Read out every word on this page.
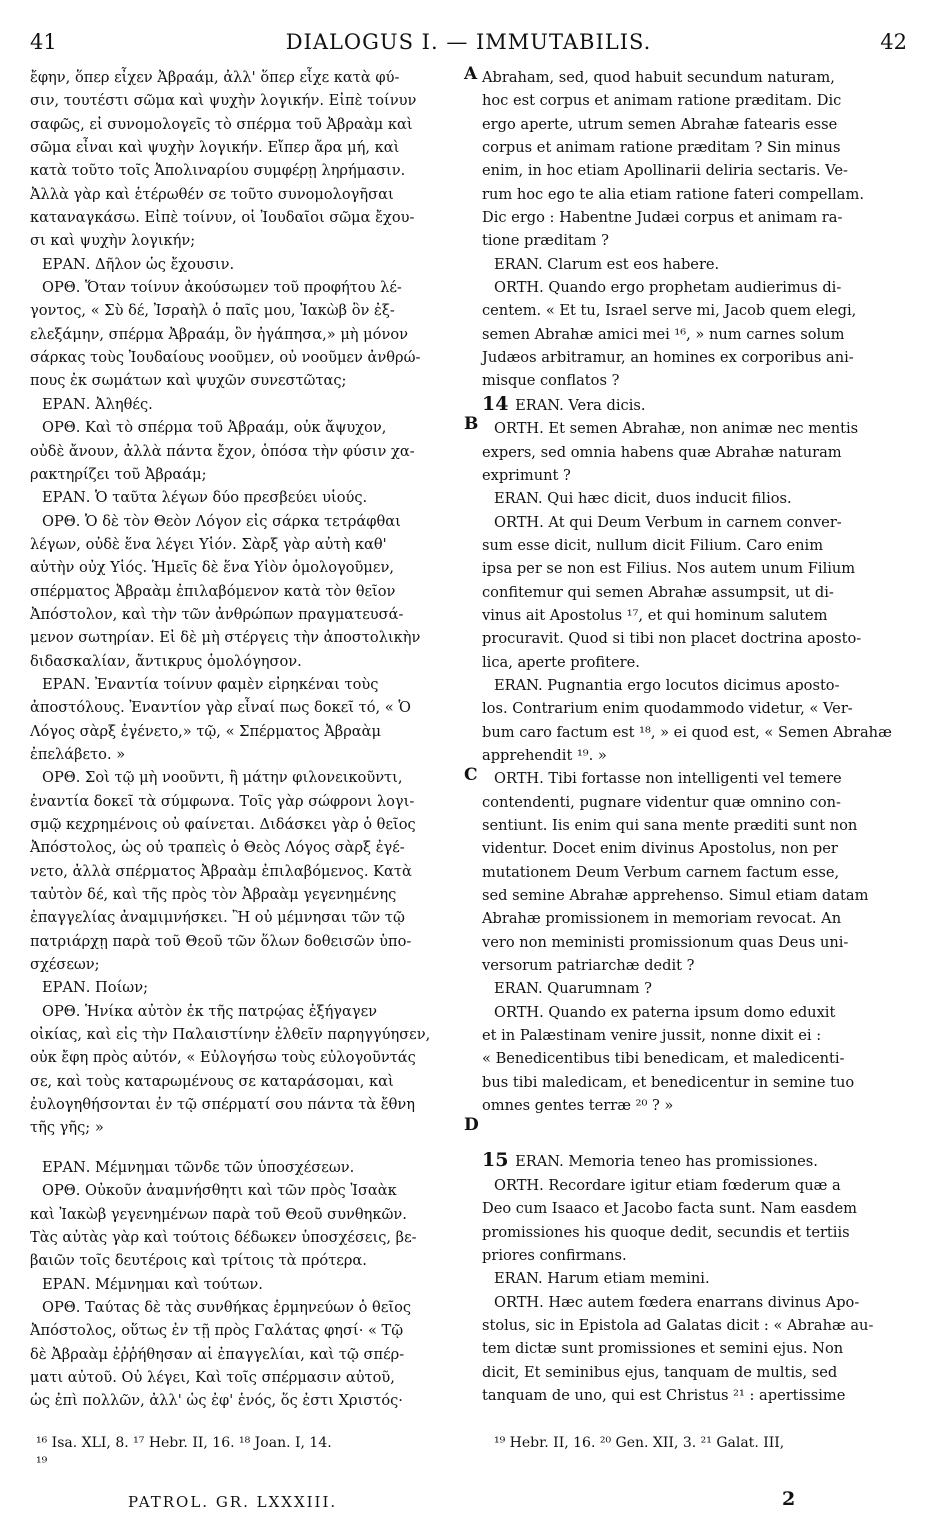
41	DIALOGUS I. — IMMUTABILIS.	42

ἔφην, ὅπερ εἶχεν Ἀβραάμ, ἀλλ' ὅπερ εἶχε κατὰ φύ-

σιν, τουτέστι σῶμα καὶ ψυχὴν λογικήν. Εἰπὲ τοίνυν

σαφῶς, εἰ συνομολογεῖς τὸ σπέρμα τοῦ Ἀβραὰμ καὶ

σῶμα εἶναι καὶ ψυχὴν λογικήν. Εἴπερ ἄρα μή, καὶ

κατὰ τοῦτο τοῖς Ἀπολιναρίου συμφέρῃ ληρήμασιν.

Ἀλλὰ γὰρ καὶ ἑτέρωθέν σε τοῦτο συνομολογῆσαι

καταναγκάσω. Εἰπὲ τοίνυν, οἱ Ἰουδαῖοι σῶμα ἔχου-

σι καὶ ψυχὴν λογικήν;

ΕΡΑΝ. Δῆλον ὡς ἔχουσιν.

ΟΡΘ. Ὅταν τοίνυν ἀκούσωμεν τοῦ προφήτου λέ-

γοντος, « Σὺ δέ, Ἰσραὴλ ὁ παῖς μου, Ἰακὼβ ὃν ἐξ-

ελεξάμην, σπέρμα Ἀβραάμ, ὃν ἠγάπησα,» μὴ μόνον

σάρκας τοὺς Ἰουδαίους νοοῦμεν, οὐ νοοῦμεν ἀνθρώ-

πους ἐκ σωμάτων καὶ ψυχῶν συνεστῶτας;

ΕΡΑΝ. Ἀληθές.

ΟΡΘ. Καὶ τὸ σπέρμα τοῦ Ἀβραάμ, οὐκ ἄψυχον,

οὐδὲ ἄνουν, ἀλλὰ πάντα ἔχον, ὁπόσα τὴν φύσιν χα-

ρακτηρίζει τοῦ Ἀβραάμ;

ΕΡΑΝ. Ὁ ταῦτα λέγων δύο πρεσβεύει υἱούς.

ΟΡΘ. Ὁ δὲ τὸν Θεὸν Λόγον εἰς σάρκα τετράφθαι

λέγων, οὐδὲ ἕνα λέγει Υἱόν. Σὰρξ γὰρ αὐτὴ καθ'

αὑτὴν οὐχ Υἱός. Ἡμεῖς δὲ ἕνα Υἱὸν ὁμολογοῦμεν,

σπέρματος Ἀβραὰμ ἐπιλαβόμενον κατὰ τὸν θεῖον

Ἀπόστολον, καὶ τὴν τῶν ἀνθρώπων πραγματευσά-

μενον σωτηρίαν. Εἰ δὲ μὴ στέργεις τὴν ἀποστολικὴν

διδασκαλίαν, ἄντικρυς ὁμολόγησον.

ΕΡΑΝ. Ἐναντία τοίνυν φαμὲν εἰρηκέναι τοὺς

ἀποστόλους. Ἐναντίον γὰρ εἶναί πως δοκεῖ τό, « Ὁ

Λόγος σὰρξ ἐγένετο,» τῷ, « Σπέρματος Ἀβραὰμ

ἐπελάβετο. »

ΟΡΘ. Σοὶ τῷ μὴ νοοῦντι, ἢ μάτην φιλονεικοῦντι,

ἐναντία δοκεῖ τὰ σύμφωνα. Τοῖς γὰρ σώφρονι λογι-

σμῷ κεχρημένοις οὐ φαίνεται. Διδάσκει γὰρ ὁ θεῖος

Ἀπόστολος, ὡς οὐ τραπεὶς ὁ Θεὸς Λόγος σὰρξ ἐγέ-

νετο, ἀλλὰ σπέρματος Ἀβραὰμ ἐπιλαβόμενος. Κατὰ

ταὐτὸν δέ, καὶ τῆς πρὸς τὸν Ἀβραὰμ γεγενημένης

ἐπαγγελίας ἀναμιμνήσκει. Ἢ οὐ μέμνησαι τῶν τῷ

πατριάρχῃ παρὰ τοῦ Θεοῦ τῶν ὅλων δοθεισῶν ὑπο-

σχέσεων;

ΕΡΑΝ. Ποίων;

ΟΡΘ. Ἡνίκα αὐτὸν ἐκ τῆς πατρῴας ἐξήγαγεν

οἰκίας, καὶ εἰς τὴν Παλαιστίνην ἐλθεῖν παρηγγύησεν,

οὐκ ἔφη πρὸς αὐτόν, « Εὐλογήσω τοὺς εὐλογοῦντάς

σε, καὶ τοὺς καταρωμένους σε καταράσομαι, καὶ

ἐυλογηθήσονται ἐν τῷ σπέρματί σου πάντα τὰ ἔθνη

τῆς γῆς; »

ΕΡΑΝ. Μέμνημαι τῶνδε τῶν ὑποσχέσεων.

ΟΡΘ. Οὐκοῦν ἀναμνήσθητι καὶ τῶν πρὸς Ἰσαὰκ

καὶ Ἰακὼβ γεγενημένων παρὰ τοῦ Θεοῦ συνθηκῶν.

Τὰς αὐτὰς γὰρ καὶ τούτοις δέδωκεν ὑποσχέσεις, βε-

βαιῶν τοῖς δευτέροις καὶ τρίτοις τὰ πρότερα.

ΕΡΑΝ. Μέμνημαι καὶ τούτων.

ΟΡΘ. Ταύτας δὲ τὰς συνθήκας ἑρμηνεύων ὁ θεῖος

Ἀπόστολος, οὕτως ἐν τῇ πρὸς Γαλάτας φησί· « Τῷ

δὲ Ἀβραὰμ ἐῤῥήθησαν αἱ ἐπαγγελίαι, καὶ τῷ σπέρ-

ματι αὐτοῦ. Οὐ λέγει, Καὶ τοῖς σπέρμασιν αὐτοῦ,

ὡς ἐπὶ πολλῶν, ἀλλ' ὡς ἐφ' ἑνός, ὅς ἐστι Χριστός·

Abraham, sed, quod habuit secundum naturam,

hoc est corpus et animam ratione præditam. Dic

ergo aperte, utrum semen Abrahæ fatearis esse

corpus et animam ratione præditam ? Sin minus

enim, in hoc etiam Apollinarii deliria sectaris. Ve-

rum hoc ego te alia etiam ratione fateri compellam.

Dic ergo : Habentne Judæi corpus et animam ra-

tione præditam ?

ERAN. Clarum est eos habere.

ORTH. Quando ergo prophetam audierimus di-

centem. « Et tu, Israel serve mi, Jacob quem elegi,

semen Abrahæ amici mei ¹⁶, » num carnes solum

Judæos arbitramur, an homines ex corporibus ani-

misque conflatos ?

14 ERAN. Vera dicis.

ORTH. Et semen Abrahæ, non animæ nec mentis

expers, sed omnia habens quæ Abrahæ naturam

exprimunt ?

ERAN. Qui hæc dicit, duos inducit filios.

ORTH. At qui Deum Verbum in carnem conver-

sum esse dicit, nullum dicit Filium. Caro enim

ipsa per se non est Filius. Nos autem unum Filium

confitemur qui semen Abrahæ assumpsit, ut di-

vinus ait Apostolus ¹⁷, et qui hominum salutem

procuravit. Quod si tibi non placet doctrina aposto-

lica, aperte profitere.

ERAN. Pugnantia ergo locutos dicimus aposto-

los. Contrarium enim quodammodo videtur, « Ver-

bum caro factum est ¹⁸, » ei quod est, « Semen Abrahæ

apprehendit ¹⁹. »

ORTH. Tibi fortasse non intelligenti vel temere

contendenti, pugnare videntur quæ omnino con-

sentiunt. Iis enim qui sana mente præditi sunt non

videntur. Docet enim divinus Apostolus, non per

mutationem Deum Verbum carnem factum esse,

sed semine Abrahæ apprehenso. Simul etiam datam

Abrahæ promissionem in memoriam revocat. An

vero non meministi promissionum quas Deus uni-

versorum patriarchæ dedit ?

ERAN. Quarumnam ?

ORTH. Quando ex paterna ipsum domo eduxit

et in Palæstinam venire jussit, nonne dixit ei :

« Benedicentibus tibi benedicam, et maledicenti-

bus tibi maledicam, et benedicentur in semine tuo

omnes gentes terræ ²⁰ ? »

15 ERAN. Memoria teneo has promissiones.

ORTH. Recordare igitur etiam fœderum quæ a

Deo cum Isaaco et Jacobo facta sunt. Nam easdem

promissiones his quoque dedit, secundis et tertiis

priores confirmans.

ERAN. Harum etiam memini.

ORTH. Hæc autem fœdera enarrans divinus Apo-

stolus, sic in Epistola ad Galatas dicit : « Abrahæ au-

tem dictæ sunt promissiones et semini ejus. Non

dicit, Et seminibus ejus, tanquam de multis, sed

tanquam de uno, qui est Christus ²¹ : apertissime

A
B
C
D
¹⁶ Isa. XLI, 8. ¹⁷ Hebr. II, 16. ¹⁸ Joan. I, 14.
¹⁹
¹⁹ Hebr. II, 16. ²⁰ Gen. XII, 3. ²¹ Galat. III,
PATROL. GR. LXXXIII.	2
